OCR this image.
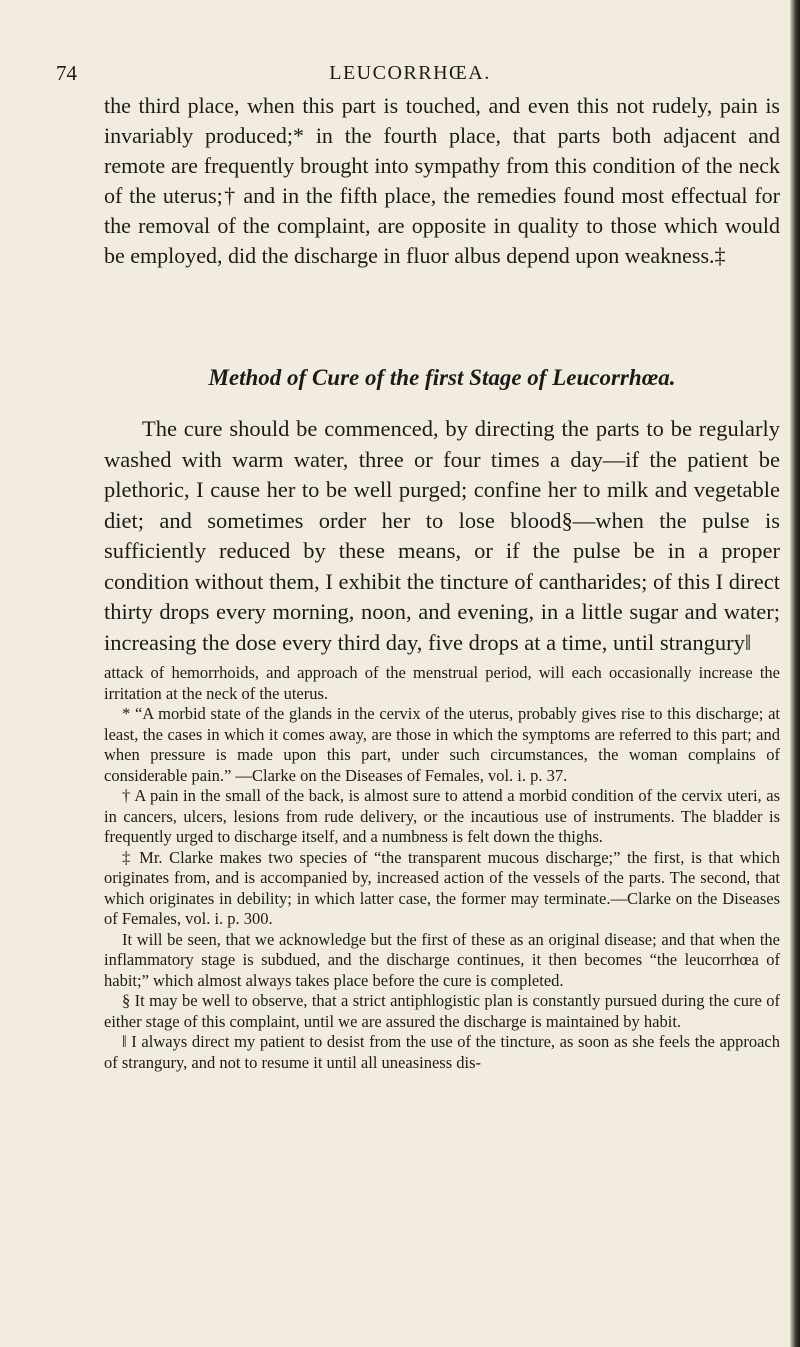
74	LEUCORRHŒA.

the third place, when this part is touched, and even this not rudely, pain is invariably produced;* in the fourth place, that parts both adjacent and remote are frequently brought into sympathy from this condition of the neck of the uterus;† and in the fifth place, the remedies found most effectual for the removal of the complaint, are opposite in quality to those which would be employed, did the discharge in fluor albus depend upon weakness.‡

Method of Cure of the first Stage of Leucorrhœa.

The cure should be commenced, by directing the parts to be regularly washed with warm water, three or four times a day—if the patient be plethoric, I cause her to be well purged; confine her to milk and vegetable diet; and sometimes order her to lose blood§—when the pulse is sufficiently reduced by these means, or if the pulse be in a proper condition without them, I exhibit the tincture of cantharides; of this I direct thirty drops every morning, noon, and evening, in a little sugar and water; increasing the dose every third day, five drops at a time, until strangury‖

attack of hemorrhoids, and approach of the menstrual period, will each occasionally increase the irritation at the neck of the uterus.

* “A morbid state of the glands in the cervix of the uterus, probably gives rise to this discharge; at least, the cases in which it comes away, are those in which the symptoms are referred to this part; and when pressure is made upon this part, under such circumstances, the woman complains of considerable pain.” —Clarke on the Diseases of Females, vol. i. p. 37.

† A pain in the small of the back, is almost sure to attend a morbid condition of the cervix uteri, as in cancers, ulcers, lesions from rude delivery, or the incautious use of instruments. The bladder is frequently urged to discharge itself, and a numbness is felt down the thighs.

‡ Mr. Clarke makes two species of “the transparent mucous discharge;” the first, is that which originates from, and is accompanied by, increased action of the vessels of the parts. The second, that which originates in debility; in which latter case, the former may terminate.—Clarke on the Diseases of Females, vol. i. p. 300.

It will be seen, that we acknowledge but the first of these as an original disease; and that when the inflammatory stage is subdued, and the discharge continues, it then becomes “the leucorrhœa of habit;” which almost always takes place before the cure is completed.

§ It may be well to observe, that a strict antiphlogistic plan is constantly pursued during the cure of either stage of this complaint, until we are assured the discharge is maintained by habit.

‖ I always direct my patient to desist from the use of the tincture, as soon as she feels the approach of strangury, and not to resume it until all uneasiness dis-
